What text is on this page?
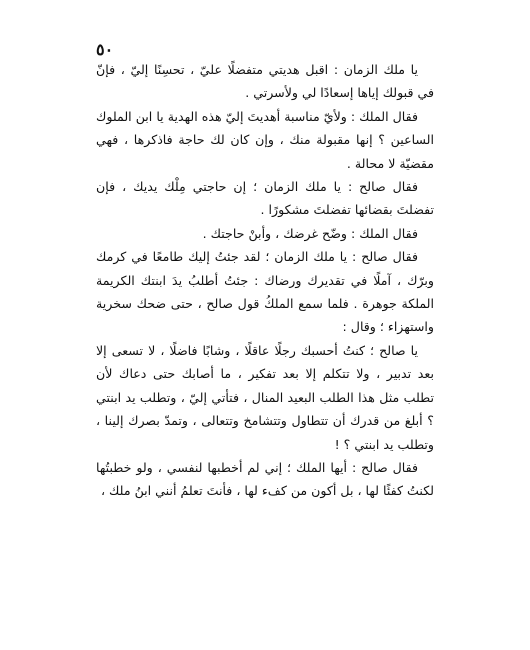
٥٠

يا ملك الزمان : اقبل هديتي متفضلًا عليّ ، تحسِنًا إليّ ، فإنّ في قبولك إياها إسعادًا لي ولأسرتي .

فقال الملك : ولأيّ مناسبة أهديتَ إليّ هذه الهدية يا ابن الملوك الساعين ؟ إنها مقبولة منك ، وإن كان لك حاجة فاذكرها ، فهي مقضيّة لا محالة .

فقال صالح : يا ملك الزمان ؛ إن حاجتي مِلْك يديك ، فإن تفضلتَ بقضائها تفضلتَ مشكورًا .

فقال الملك : وضّح غرضك ، وأبنْ حاجتك .

فقال صالح : يا ملك الزمان ؛ لقد جئتُ إليك طامعًا في كرمك وبرّك ، آملًا في تقديرك ورضاك : جئتُ أطلبُ يدَ ابنتك الكريمة الملكة جوهرة . فلما سمع الملكُ قول صالح ، حتى ضحك سخرية واستهزاء ؛ وقال :

يا صالح ؛ كنتُ أحسبك رجلًا عاقلًا ، وشابًا فاضلًا ، لا تسعى إلا بعد تدبير ، ولا تتكلم إلا بعد تفكير ، ما أصابك حتى دعاك لأن تطلب مثل هذا الطلب البعيد المنال ، فتأتي إليّ ، وتطلب يد ابنتي ؟ أبلغ من قدرك أن تتطاول وتتشامخ وتتعالى ، وتمدّ بصرك إلينا ، وتطلب يد ابنتي ؟ !

فقال صالح : أيها الملك ؛ إني لم أخطبها لنفسي ، ولو خطبتُها لكنتُ كفئًا لها ، بل أكون من كفء لها ، فأنتَ تعلمُ أنني ابنُ ملك ،
